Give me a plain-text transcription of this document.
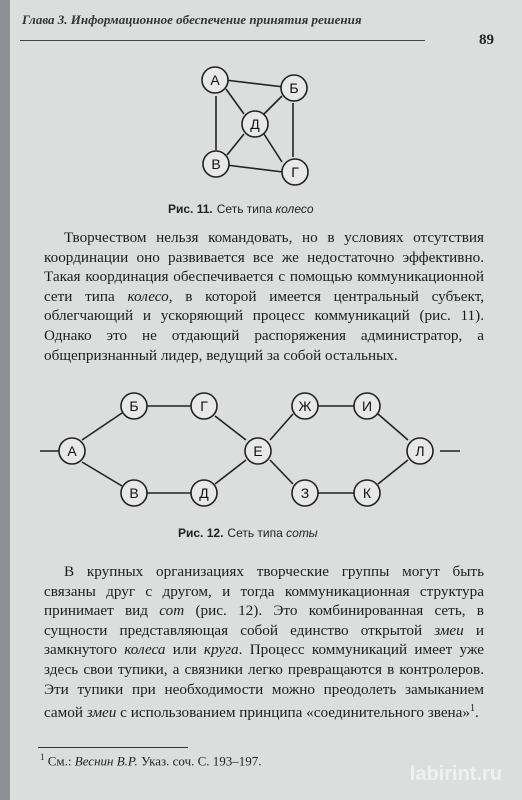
Глава 3. Информационное обеспечение принятия решения
89
А	Б
Д
В	Г
Рис. 11. Сеть типа колесо

Творчеством нельзя командовать, но в условиях отсутствия координации оно развивается все же недостаточно эффективно. Такая координация обеспечивается с помощью коммуникационной сети типа колесо, в которой имеется центральный субъект, облегчающий и ускоряющий процесс коммуникаций (рис. 11). Однако это не отдающий распоряжения администратор, а общепризнанный лидер, ведущий за собой остальных.

Б	Г	Ж	И
А	Е	Л
В	Д	З	К
Рис. 12. Сеть типа соты

В крупных организациях творческие группы могут быть связаны друг с другом, и тогда коммуникационная структура принимает вид сот (рис. 12). Это комбинированная сеть, в сущности представляющая собой единство открытой змеи и замкнутого колеса или круга. Процесс коммуникаций имеет уже здесь свои тупики, а связники легко превращаются в контролеров. Эти тупики при необходимости можно преодолеть замыканием самой змеи с использованием принципа «соединительного звена»$^1$.

$^1$ См.: Веснин В.Р. Указ. соч. С. 193–197.
labirint.ru
